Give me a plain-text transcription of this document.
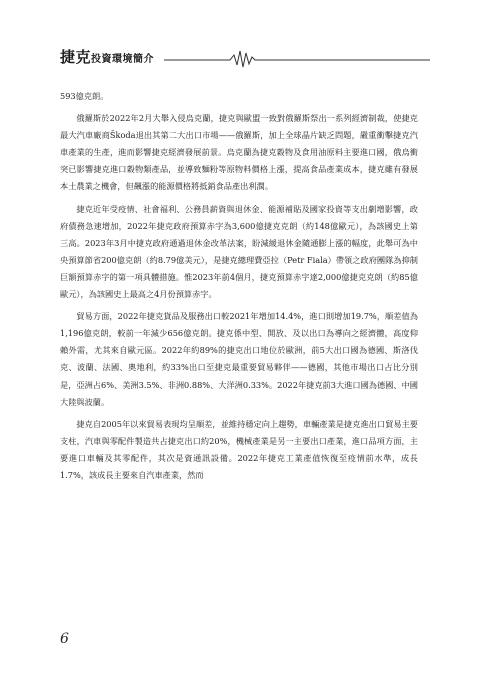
捷克投資環境簡介

593億克朗。

俄羅斯於2022年2月大舉入侵烏克蘭，捷克與歐盟一致對俄羅斯祭出一系列經濟制裁，使捷克最大汽車廠商Škoda退出其第二大出口市場——俄羅斯，加上全球晶片缺乏問題，嚴重衝擊捷克汽車產業的生產，進而影響捷克經濟發展前景。烏克蘭為捷克穀物及食用油原料主要進口國，俄烏衝突已影響捷克進口穀物類產品，並導致麵粉等原物料價格上漲，提高食品產業成本，捷克雖有發展本土農業之機會，但飆漲的能源價格將抵銷食品產出利潤。

捷克近年受疫情、社會福利、公務員薪資與退休金、能源補貼及國家投資等支出劇增影響，政府債務急速增加，2022年捷克政府預算赤字為3,600億捷克克朗（約148億歐元），為該國史上第三高。2023年3月中捷克政府通過退休金改革法案，盼減緩退休金隨通膨上漲的幅度，此舉可為中央預算節省200億克朗（約8.79億美元），是捷克總理費亞拉（Petr Fiala）帶領之政府團隊為抑制巨額預算赤字的第一項具體措施。惟2023年前4個月，捷克預算赤字達2,000億捷克克朗（約85億歐元），為該國史上最高之4月份預算赤字。

貿易方面，2022年捷克貨品及服務出口較2021年增加14.4%，進口則增加19.7%，順差值為1,196億克朗，較前一年減少656億克朗。捷克係中型、開放、及以出口為導向之經濟體，高度仰賴外需，尤其來自歐元區。2022年約89%的捷克出口地位於歐洲，前5大出口國為德國、斯洛伐克、波蘭、法國、奧地利，約33%出口至捷克最重要貿易夥伴——德國，其他市場出口占比分別是，亞洲占6%、美洲3.5%、非洲0.88%、大洋洲0.33%。2022年捷克前3大進口國為德國、中國大陸與波蘭。

捷克自2005年以來貿易表現均呈順差，並維持穩定向上趨勢，車輛產業是捷克進出口貿易主要支柱，汽車與零配件製造共占捷克出口約20%，機械產業是另一主要出口產業，進口品項方面，主要進口車輛及其零配件，其次是資通訊設備。2022年捷克工業產值恢復至疫情前水準，成長1.7%，該成長主要來自汽車產業，然而

6
